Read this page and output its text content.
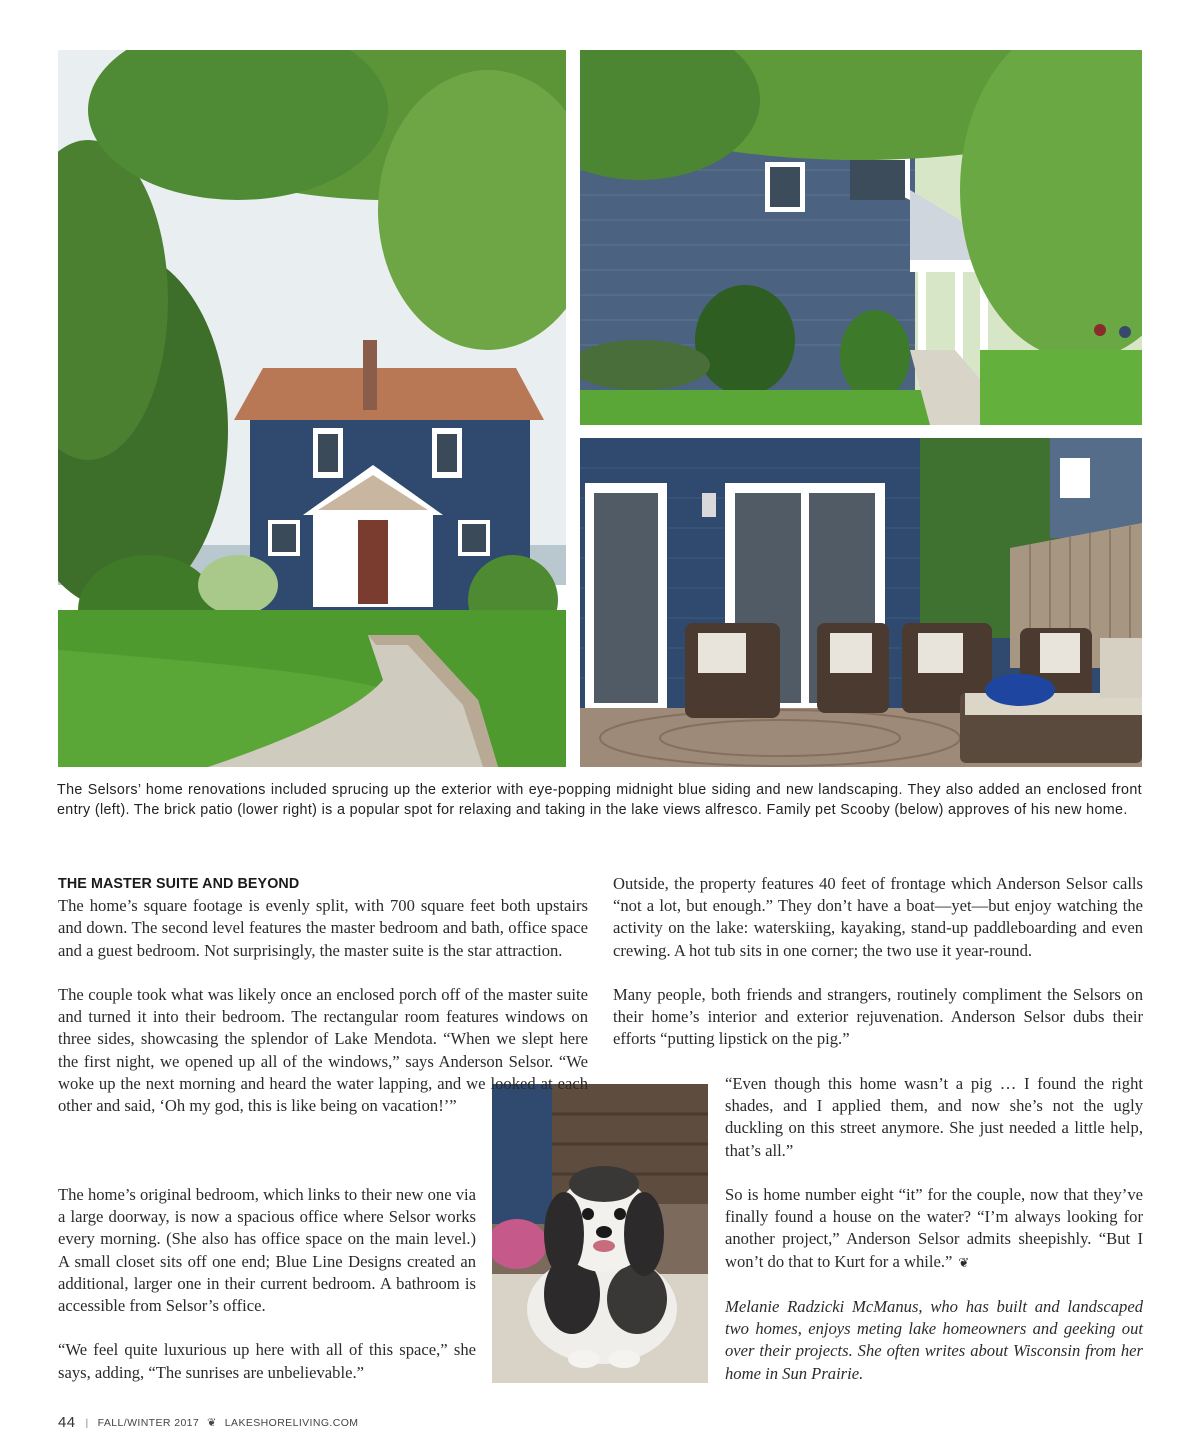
The Selsors’ home renovations included sprucing up the exterior with eye-popping midnight blue siding and new landscaping. They also added an enclosed front entry (left). The brick patio (lower right) is a popular spot for relaxing and taking in the lake views alfresco. Family pet Scooby (below) approves of his new home.
THE MASTER SUITE AND BEYOND

The home’s square footage is evenly split, with 700 square feet both upstairs and down. The second level features the master bedroom and bath, office space and a guest bedroom. Not surprisingly, the master suite is the star attraction.

The couple took what was likely once an enclosed porch off of the master suite and turned it into their bedroom. The rectangular room features windows on three sides, showcasing the splendor of Lake Mendota. “When we slept here the first night, we opened up all of the windows,” says Anderson Selsor. “We woke up the next morning and heard the water lapping, and we looked at each other and said, ‘Oh my god, this is like being on vacation!’”

The home’s original bedroom, which links to their new one via a large doorway, is now a spacious office where Selsor works every morning. (She also has office space on the main level.) A small closet sits off one end; Blue Line Designs created an additional, larger one in their current bedroom. A bathroom is accessible from Selsor’s office.

“We feel quite luxurious up here with all of this space,” she says, adding, “The sunrises are unbelievable.”

Outside, the property features 40 feet of frontage which Anderson Selsor calls “not a lot, but enough.” They don’t have a boat—yet—but enjoy watching the activity on the lake: waterskiing, kayaking, stand-up paddleboarding and even crewing. A hot tub sits in one corner; the two use it year-round.

Many people, both friends and strangers, routinely compliment the Selsors on their home’s interior and exterior rejuvenation. Anderson Selsor dubs their efforts “putting lipstick on the pig.”

“Even though this home wasn’t a pig … I found the right shades, and I applied them, and now she’s not the ugly duckling on this street anymore. She just needed a little help, that’s all.”

So is home number eight “it” for the couple, now that they’ve finally found a house on the water? “I’m always looking for another project,” Anderson Selsor admits sheepishly. “But I won’t do that to Kurt for a while.” ❦

Melanie Radzicki McManus, who has built and landscaped two homes, enjoys meting lake homeowners and geeking out over their projects. She often writes about Wisconsin from her home in Sun Prairie.

44 | FALL/WINTER 2017 ❦ LAKESHORELIVING.COM
